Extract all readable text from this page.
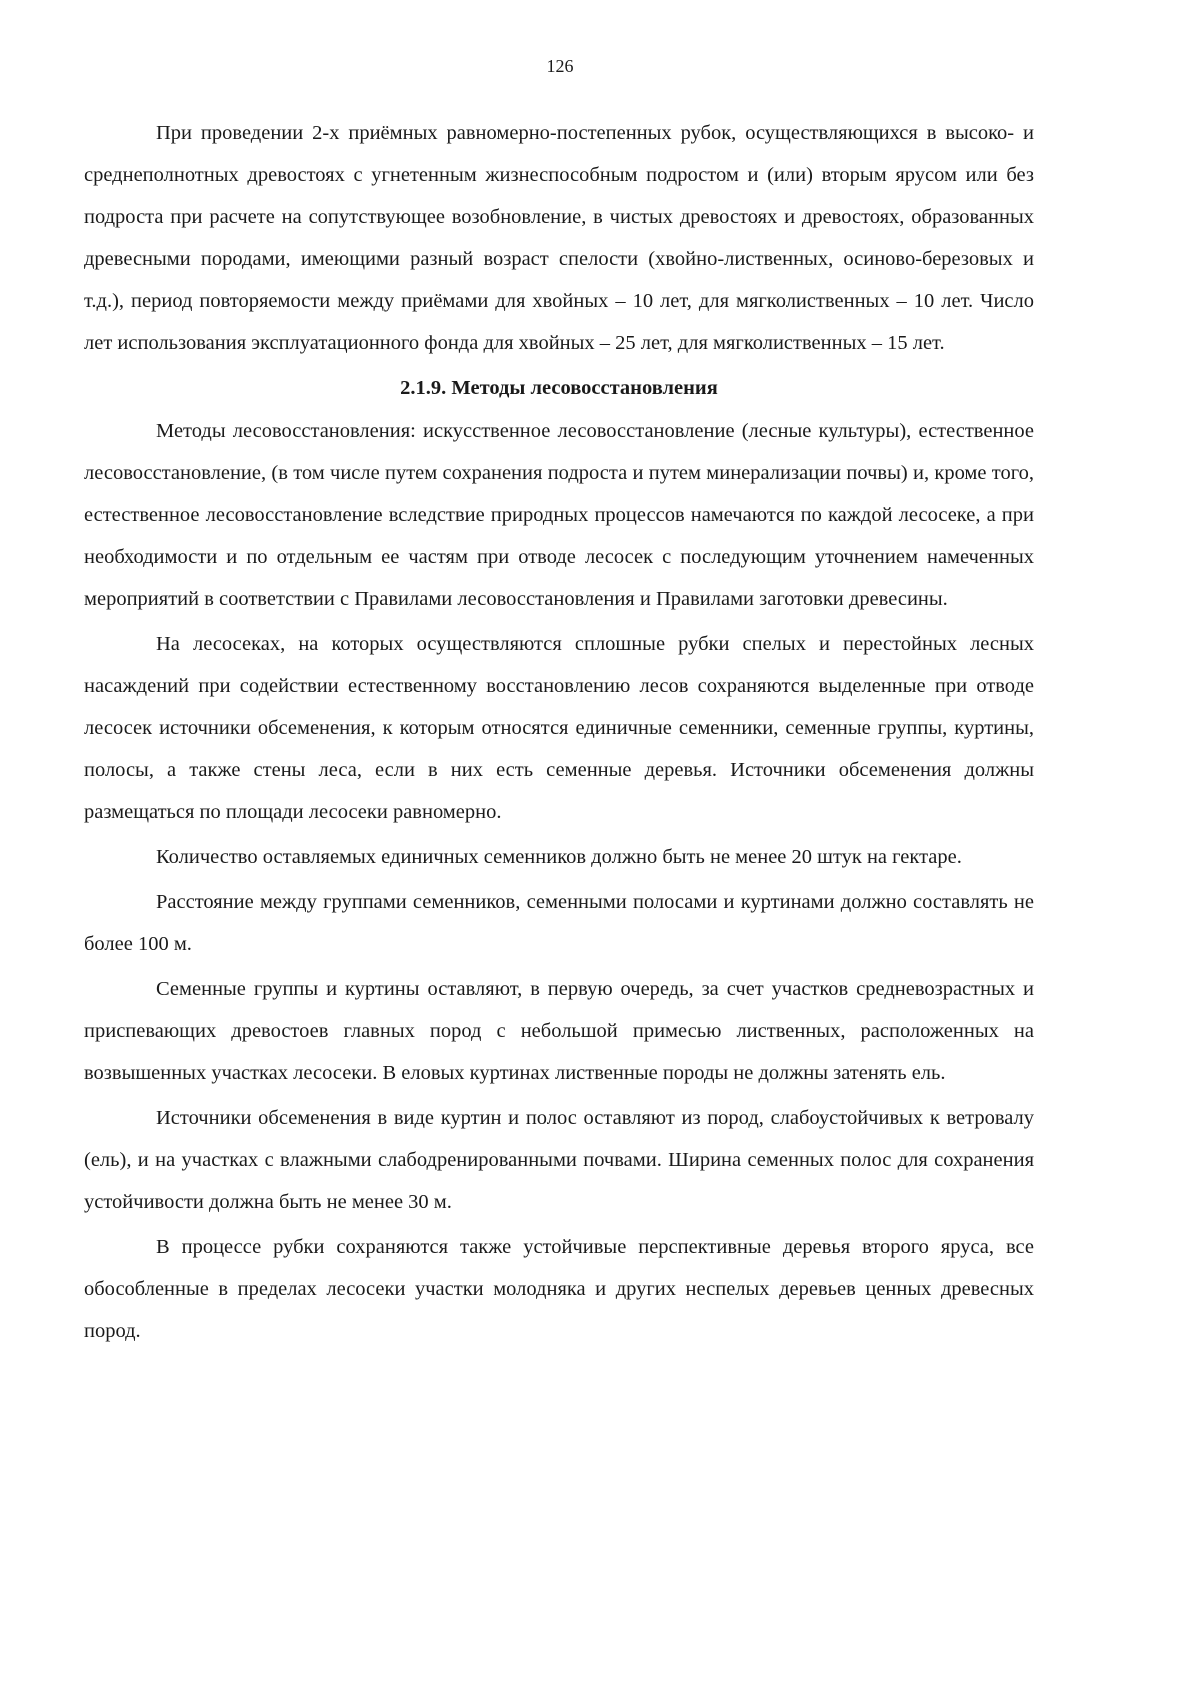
126

При проведении 2-х приёмных равномерно-постепенных рубок, осуществляющихся в высоко- и среднеполнотных древостоях с угнетенным жизнеспособным подростом и (или) вторым ярусом или без подроста при расчете на сопутствующее возобновление, в чистых древостоях и древостоях, образованных древесными породами, имеющими разный возраст спелости (хвойно-лиственных, осиново-березовых и т.д.), период повторяемости между приёмами для хвойных – 10 лет, для мягколиственных – 10 лет. Число лет использования эксплуатационного фонда для хвойных – 25 лет, для мягколиственных – 15 лет.

2.1.9. Методы лесовосстановления

Методы лесовосстановления: искусственное лесовосстановление (лесные культуры), естественное лесовосстановление, (в том числе путем сохранения подроста и путем минерализации почвы) и, кроме того, естественное лесовосстановление вследствие природных процессов намечаются по каждой лесосеке, а при необходимости и по отдельным ее частям при отводе лесосек с последующим уточнением намеченных мероприятий в соответствии с Правилами лесовосстановления и Правилами заготовки древесины.

На лесосеках, на которых осуществляются сплошные рубки спелых и перестойных лесных насаждений при содействии естественному восстановлению лесов сохраняются выделенные при отводе лесосек источники обсеменения, к которым относятся единичные семенники, семенные группы, куртины, полосы, а также стены леса, если в них есть семенные деревья. Источники обсеменения должны размещаться по площади лесосеки равномерно.

Количество оставляемых единичных семенников должно быть не менее 20 штук на гектаре.

Расстояние между группами семенников, семенными полосами и куртинами должно составлять не более 100 м.

Семенные группы и куртины оставляют, в первую очередь, за счет участков средневозрастных и приспевающих древостоев главных пород с небольшой примесью лиственных, расположенных на возвышенных участках лесосеки. В еловых куртинах лиственные породы не должны затенять ель.

Источники обсеменения в виде куртин и полос оставляют из пород, слабоустойчивых к ветровалу (ель), и на участках с влажными слабодренированными почвами. Ширина семенных полос для сохранения устойчивости должна быть не менее 30 м.

В процессе рубки сохраняются также устойчивые перспективные деревья второго яруса, все обособленные в пределах лесосеки участки молодняка и других неспелых деревьев ценных древесных пород.
